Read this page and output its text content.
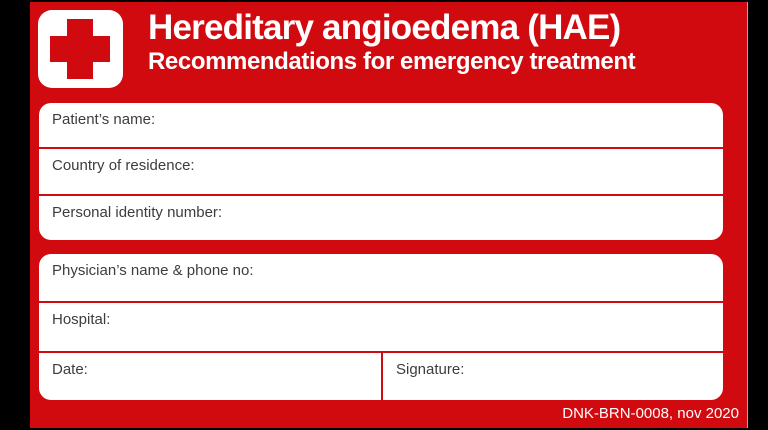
Hereditary angioedema (HAE)
Recommendations for emergency treatment
Patient’s name:
Country of residence:
Personal identity number:
Physician’s name & phone no:
Hospital:
Date:	Signature:
DNK-BRN-0008, nov 2020
